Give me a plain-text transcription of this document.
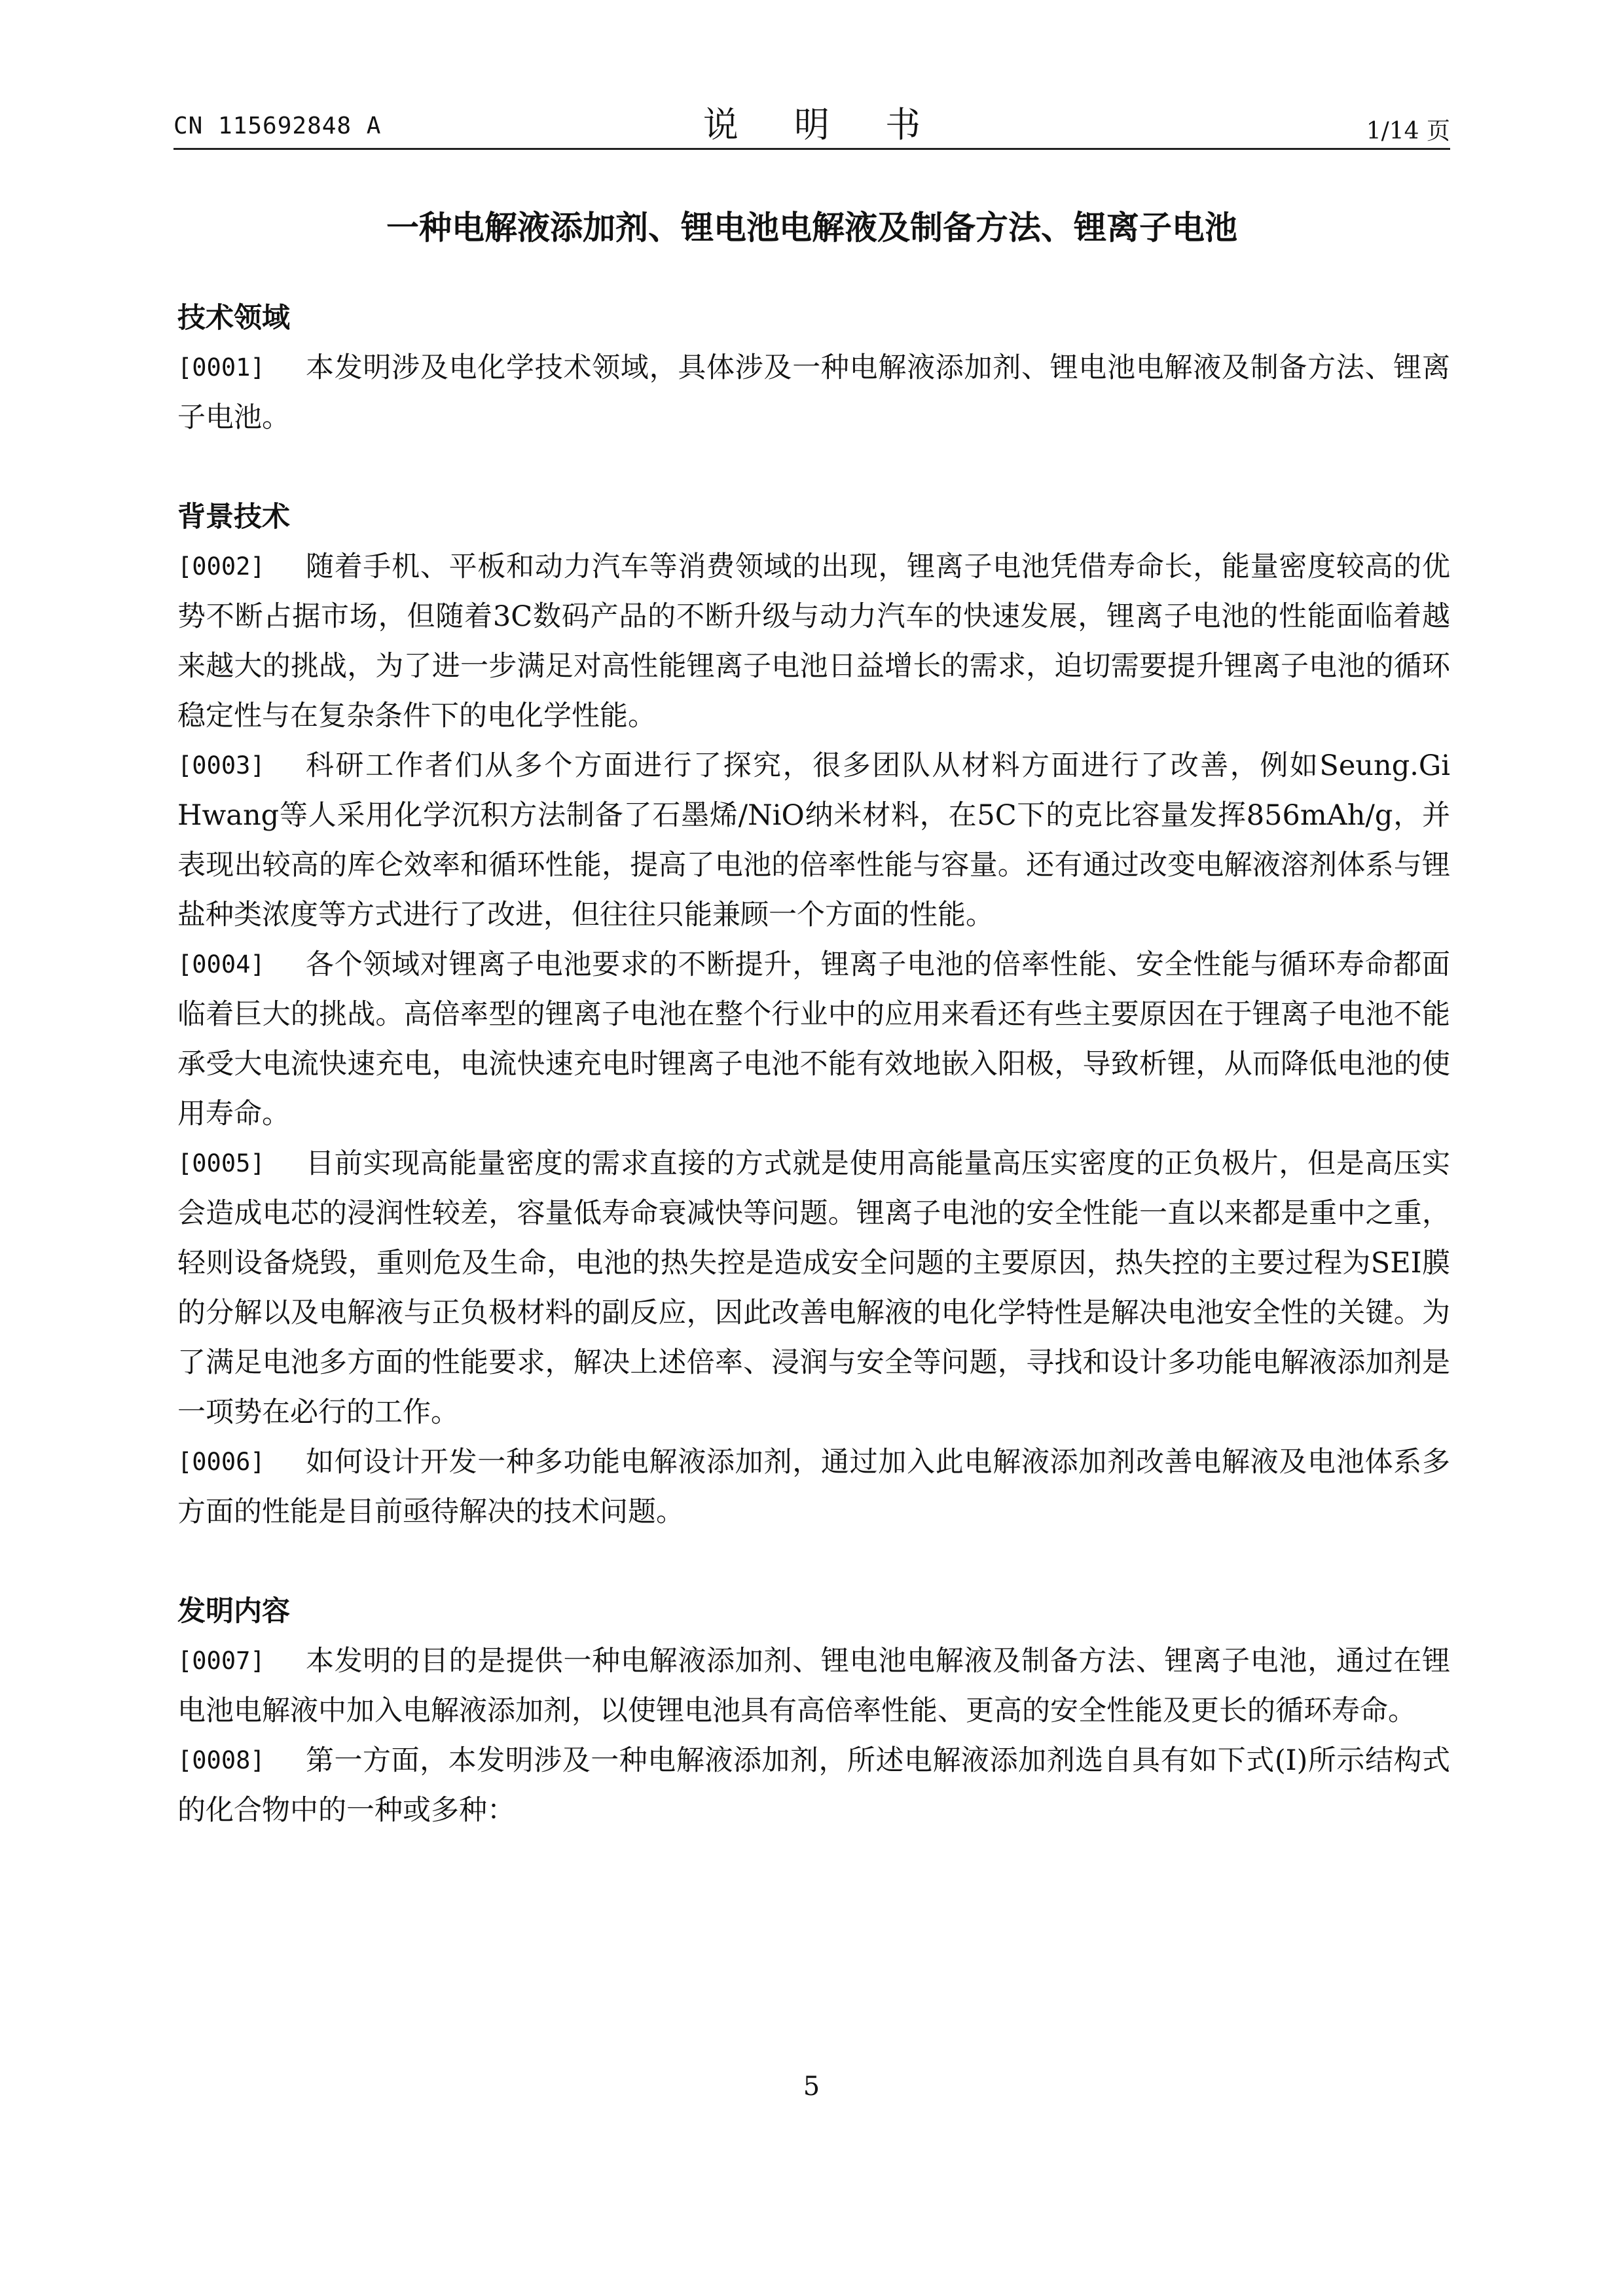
CN 115692848 A	说 明 书	1/14 页
一种电解液添加剂、锂电池电解液及制备方法、锂离子电池
技术领域

[0001] 本发明涉及电化学技术领域，具体涉及一种电解液添加剂、锂电池电解液及制备方法、锂离子电池。

背景技术

[0002] 随着手机、平板和动力汽车等消费领域的出现，锂离子电池凭借寿命长，能量密度较高的优势不断占据市场，但随着3C数码产品的不断升级与动力汽车的快速发展，锂离子电池的性能面临着越来越大的挑战，为了进一步满足对高性能锂离子电池日益增长的需求，迫切需要提升锂离子电池的循环稳定性与在复杂条件下的电化学性能。

[0003] 科研工作者们从多个方面进行了探究，很多团队从材料方面进行了改善，例如Seung.Gi Hwang等人采用化学沉积方法制备了石墨烯/NiO纳米材料，在5C下的克比容量发挥856mAh/g，并表现出较高的库仑效率和循环性能，提高了电池的倍率性能与容量。还有通过改变电解液溶剂体系与锂盐种类浓度等方式进行了改进，但往往只能兼顾一个方面的性能。

[0004] 各个领域对锂离子电池要求的不断提升，锂离子电池的倍率性能、安全性能与循环寿命都面临着巨大的挑战。高倍率型的锂离子电池在整个行业中的应用来看还有些主要原因在于锂离子电池不能承受大电流快速充电，电流快速充电时锂离子电池不能有效地嵌入阳极，导致析锂，从而降低电池的使用寿命。

[0005] 目前实现高能量密度的需求直接的方式就是使用高能量高压实密度的正负极片，但是高压实会造成电芯的浸润性较差，容量低寿命衰减快等问题。锂离子电池的安全性能一直以来都是重中之重，轻则设备烧毁，重则危及生命，电池的热失控是造成安全问题的主要原因，热失控的主要过程为SEI膜的分解以及电解液与正负极材料的副反应，因此改善电解液的电化学特性是解决电池安全性的关键。为了满足电池多方面的性能要求，解决上述倍率、浸润与安全等问题，寻找和设计多功能电解液添加剂是一项势在必行的工作。

[0006] 如何设计开发一种多功能电解液添加剂，通过加入此电解液添加剂改善电解液及电池体系多方面的性能是目前亟待解决的技术问题。

发明内容

[0007] 本发明的目的是提供一种电解液添加剂、锂电池电解液及制备方法、锂离子电池，通过在锂电池电解液中加入电解液添加剂，以使锂电池具有高倍率性能、更高的安全性能及更长的循环寿命。

[0008] 第一方面，本发明涉及一种电解液添加剂，所述电解液添加剂选自具有如下式(I)所示结构式的化合物中的一种或多种：

5
